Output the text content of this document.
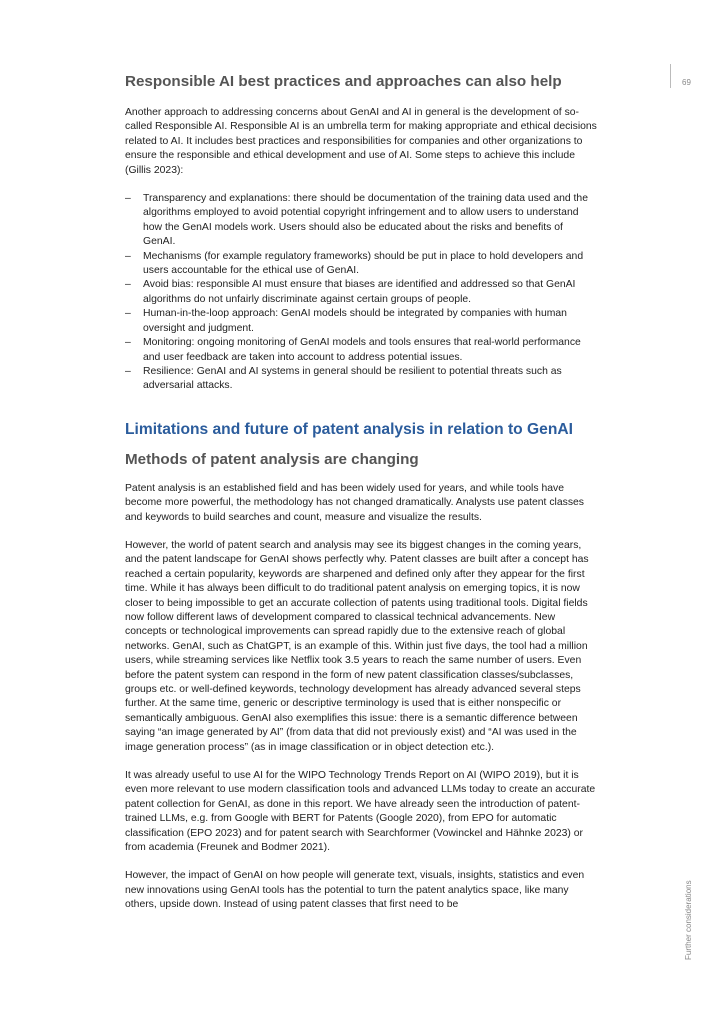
69
Further considerations
Responsible AI best practices and approaches can also help

Another approach to addressing concerns about GenAI and AI in general is the development of so-called Responsible AI. Responsible AI is an umbrella term for making appropriate and ethical decisions related to AI. It includes best practices and responsibilities for companies and other organizations to ensure the responsible and ethical development and use of AI. Some steps to achieve this include (Gillis 2023):

– Transparency and explanations: there should be documentation of the training data used and the algorithms employed to avoid potential copyright infringement and to allow users to understand how the GenAI models work. Users should also be educated about the risks and benefits of GenAI.
– Mechanisms (for example regulatory frameworks) should be put in place to hold developers and users accountable for the ethical use of GenAI.
– Avoid bias: responsible AI must ensure that biases are identified and addressed so that GenAI algorithms do not unfairly discriminate against certain groups of people.
– Human-in-the-loop approach: GenAI models should be integrated by companies with human oversight and judgment.
– Monitoring: ongoing monitoring of GenAI models and tools ensures that real-world performance and user feedback are taken into account to address potential issues.
– Resilience: GenAI and AI systems in general should be resilient to potential threats such as adversarial attacks.
Limitations and future of patent analysis in relation to GenAI
Methods of patent analysis are changing

Patent analysis is an established field and has been widely used for years, and while tools have become more powerful, the methodology has not changed dramatically. Analysts use patent classes and keywords to build searches and count, measure and visualize the results.

However, the world of patent search and analysis may see its biggest changes in the coming years, and the patent landscape for GenAI shows perfectly why. Patent classes are built after a concept has reached a certain popularity, keywords are sharpened and defined only after they appear for the first time. While it has always been difficult to do traditional patent analysis on emerging topics, it is now closer to being impossible to get an accurate collection of patents using traditional tools. Digital fields now follow different laws of development compared to classical technical advancements. New concepts or technological improvements can spread rapidly due to the extensive reach of global networks. GenAI, such as ChatGPT, is an example of this. Within just five days, the tool had a million users, while streaming services like Netflix took 3.5 years to reach the same number of users. Even before the patent system can respond in the form of new patent classification classes/subclasses, groups etc. or well-defined keywords, technology development has already advanced several steps further. At the same time, generic or descriptive terminology is used that is either nonspecific or semantically ambiguous. GenAI also exemplifies this issue: there is a semantic difference between saying “an image generated by AI” (from data that did not previously exist) and “AI was used in the image generation process” (as in image classification or in object detection etc.).

It was already useful to use AI for the WIPO Technology Trends Report on AI (WIPO 2019), but it is even more relevant to use modern classification tools and advanced LLMs today to create an accurate patent collection for GenAI, as done in this report. We have already seen the introduction of patent-trained LLMs, e.g. from Google with BERT for Patents (Google 2020), from EPO for automatic classification (EPO 2023) and for patent search with Searchformer (Vowinckel and Hähnke 2023) or from academia (Freunek and Bodmer 2021).

However, the impact of GenAI on how people will generate text, visuals, insights, statistics and even new innovations using GenAI tools has the potential to turn the patent analytics space, like many others, upside down. Instead of using patent classes that first need to be
